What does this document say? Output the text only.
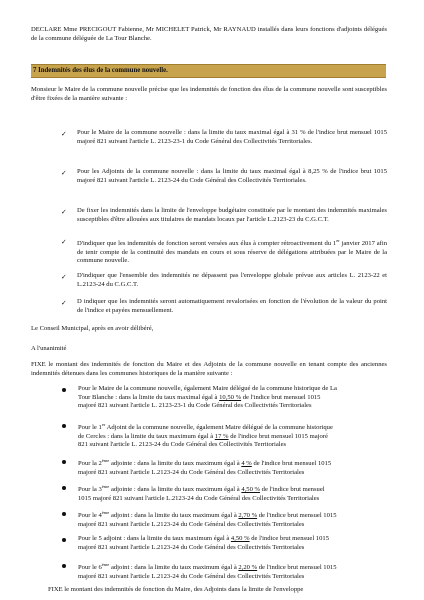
DECLARE Mme PRECIGOUT Fabienne, Mr MICHELET Patrick, Mr RAYNAUD installés dans leurs fonctions d'adjoints délégués de la commune déléguée de La Tour Blanche.

7 Indemnités des élus de la commune nouvelle.

Monsieur le Maire de la commune nouvelle précise que les indemnités de fonction des élus de la commune nouvelle sont susceptibles d'être fixées de la manière suivante :

✓ Pour le Maire de la commune nouvelle : dans la limite du taux maximal égal à 31 % de l'indice brut mensuel 1015 majoré 821 suivant l'article L. 2123-23-1 du Code Général des Collectivités Territoriales.

✓ Pour les Adjoints de la commune nouvelle : dans la limite du taux maximal égal à 8,25 % de l'indice brut 1015 majoré 821 suivant l'article L. 2123-24 du Code Général des Collectivités Territoriales.

✓ De fixer les indemnités dans la limite de l'enveloppe budgétaire constituée par le montant des indemnités maximales susceptibles d'être allouées aux titulaires de mandats locaux par l'article L.2123-23 du C.G.C.T.

✓ D'indiquer que les indemnités de fonction seront versées aux élus à compter rétroactivement du 1er janvier 2017 afin de tenir compte de la continuité des mandats en cours et sous réserve de délégations attribuées par le Maire de la commune nouvelle.

✓ D'indiquer que l'ensemble des indemnités ne dépassent pas l'enveloppe globale prévue aux articles L. 2123-22 et L.2123-24 du C.G.C.T.

✓ D indiquer que les indemnités seront automatiquement revalorisées en fonction de l'évolution de la valeur du point de l'indice et payées mensuellement.

Le Conseil Municipal, après en avoir délibéré,

A l'unanimité

FIXE le montant des indemnités de fonction du Maire et des Adjoints de la commune nouvelle en tenant compte des anciennes indemnités détenues dans les communes historiques de la manière suivante :

Pour le Maire de la commune nouvelle, également Maire délégué de la commune historique de La
Tour Blanche : dans la limite du taux maximal égal à 10,50 % de l'indice brut mensuel 1015
majoré 821 suivant l'article L. 2123-23-1 du Code Général des Collectivités Territoriales
Pour le 1er Adjoint de la commune nouvelle, également Maire délégué de la commune historique
de Cercles : dans la limite du taux maximum égal à 17 % de l'indice brut mensuel 1015 majoré
821 suivant l'article L. 2123-24 du Code Général des Collectivités Territoriales
Pour la 2ème adjointe : dans la limite du taux maximum égal à 4 % de l'indice brut mensuel 1015
majoré 821 suivant l'article L.2123-24 du Code Général des Collectivités Territoriales
Pour la 3ème adjointe : dans la limite du taux maximum égal à 4,50 % de l'indice brut mensuel
1015 majoré 821 suivant l'article L.2123-24 du Code Général des Collectivités Territoriales
Pour le 4ème adjoint : dans la limite du taux maximum égal à 2,70 % de l'indice brut mensuel 1015
majoré 821 suivant l'article L.2123-24 du Code Général des Collectivités Territoriales
Pour le 5 adjoint : dans la limite du taux maximum égal à 4,50 % de l'indice brut mensuel 1015
majoré 821 suivant l'article L.2123-24 du Code Général des Collectivités Territoriales
Pour le 6ème adjoint : dans la limite du taux maximum égal à 2,20 % de l'indice brut mensuel 1015
majoré 821 suivant l'article L.2123-24 du Code Général des Collectivités Territoriales

FIXE le montant des indemnités de fonction du Maire, des Adjoints dans la limite de l'enveloppe
